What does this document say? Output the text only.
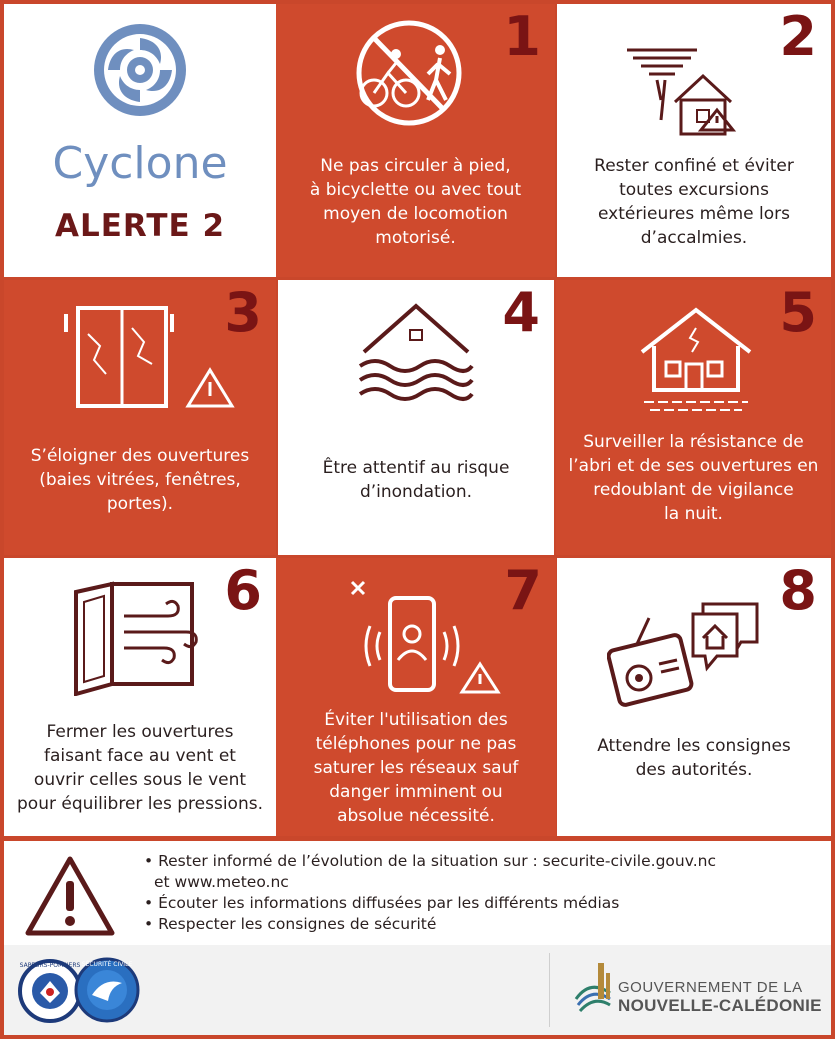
Cyclone
ALERTE 2
1
Ne pas circuler à pied,
à bicyclette ou avec tout
moyen de locomotion
motorisé.
2
Rester confiné et éviter
toutes excursions
extérieures même lors
d’accalmies.
3
S’éloigner des ouvertures
(baies vitrées, fenêtres,
portes).
4
Être attentif au risque
d’inondation.
5
Surveiller la résistance de
l’abri et de ses ouvertures en
redoublant de vigilance
la nuit.
6
Fermer les ouvertures
faisant face au vent et
ouvrir celles sous le vent
pour équilibrer les pressions.
7
Éviter l'utilisation des
téléphones pour ne pas
saturer les réseaux sauf
danger imminent ou
absolue nécessité.
8
Attendre les consignes
des autorités.
• Rester informé de l’évolution de la situation sur : securite-civile.gouv.nc
et www.meteo.nc
• Écouter les informations diffusées par les différents médias
• Respecter les consignes de sécurité
SAPEURS-POMPIERS SÉCURITÉ CIVILE
GOUVERNEMENT DE LA
NOUVELLE-CALÉDONIE
